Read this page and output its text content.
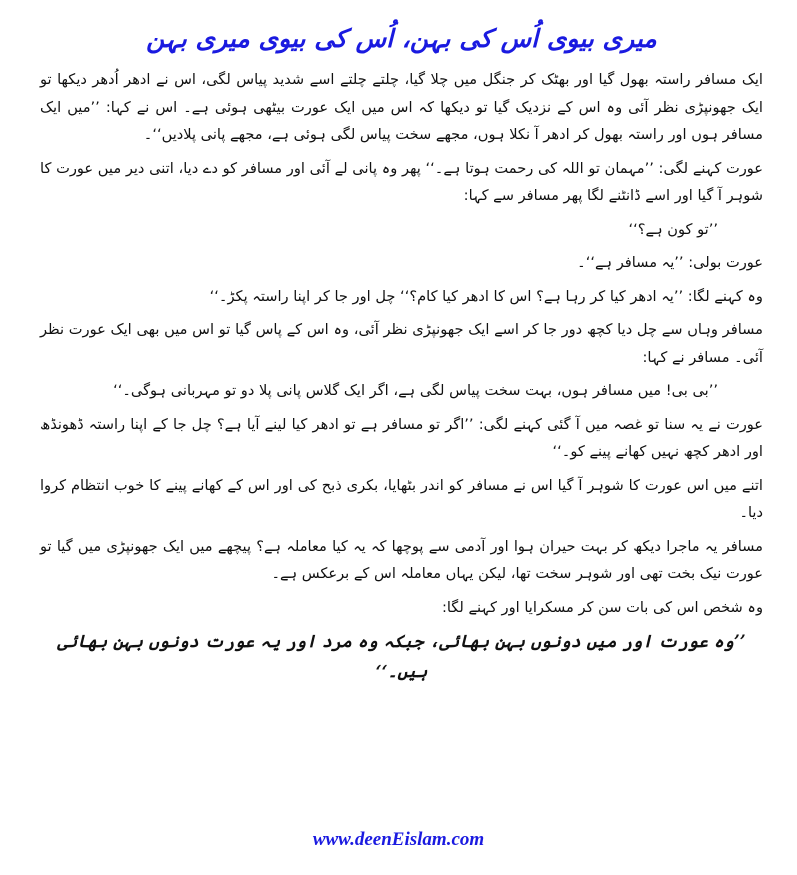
میری بیوی اُس کی بہن، اُس کی بیوی میری بہن

ایک مسافر راستہ بھول گیا اور بھٹک کر جنگل میں چلا گیا، چلتے چلتے اسے شدید پیاس لگی، اس نے ادھر اُدھر دیکھا تو ایک جھونپڑی نظر آئی وہ اس کے نزدیک گیا تو دیکھا کہ اس میں ایک عورت بیٹھی ہوئی ہے۔ اس نے کہا: ’’میں ایک مسافر ہوں اور راستہ بھول کر ادھر آ نکلا ہوں، مجھے سخت پیاس لگی ہوئی ہے، مجھے پانی پلادیں‘‘۔

عورت کہنے لگی: ’’مہمان تو اللہ کی رحمت ہوتا ہے۔‘‘ پھر وہ پانی لے آئی اور مسافر کو دے دیا، اتنی دیر میں عورت کا شوہر آ گیا اور اسے ڈانٹنے لگا پھر مسافر سے کہا:

’’تو کون ہے؟‘‘

عورت بولی: ’’یہ مسافر ہے‘‘۔

وہ کہنے لگا: ’’یہ ادھر کیا کر رہا ہے؟ اس کا ادھر کیا کام؟‘‘ چل اور جا کر اپنا راستہ پکڑ۔‘‘

مسافر وہاں سے چل دیا کچھ دور جا کر اسے ایک جھونپڑی نظر آئی، وہ اس کے پاس گیا تو اس میں بھی ایک عورت نظر آئی۔ مسافر نے کہا:

’’بی بی! میں مسافر ہوں، بہت سخت پیاس لگی ہے، اگر ایک گلاس پانی پلا دو تو مہربانی ہوگی۔‘‘

عورت نے یہ سنا تو غصہ میں آ گئی کہنے لگی: ’’اگر تو مسافر ہے تو ادھر کیا لینے آیا ہے؟ چل جا کے اپنا راستہ ڈھونڈھ اور ادھر کچھ نہیں کھانے پینے کو۔‘‘

اتنے میں اس عورت کا شوہر آ گیا اس نے مسافر کو اندر بٹھایا، بکری ذبح کی اور اس کے کھانے پینے کا خوب انتظام کروا دیا۔

مسافر یہ ماجرا دیکھ کر بہت حیران ہوا اور آدمی سے پوچھا کہ یہ کیا معاملہ ہے؟ پیچھے میں ایک جھونپڑی میں گیا تو عورت نیک بخت تھی اور شوہر سخت تھا، لیکن یہاں معاملہ اس کے برعکس ہے۔

وہ شخص اس کی بات سن کر مسکرایا اور کہنے لگا:

’’وہ عورت اور میں دونوں بہن بھائی، جبکہ وہ مرد اور یہ عورت دونوں بہن بھائی ہیں۔‘‘

www.deenEislam.com
